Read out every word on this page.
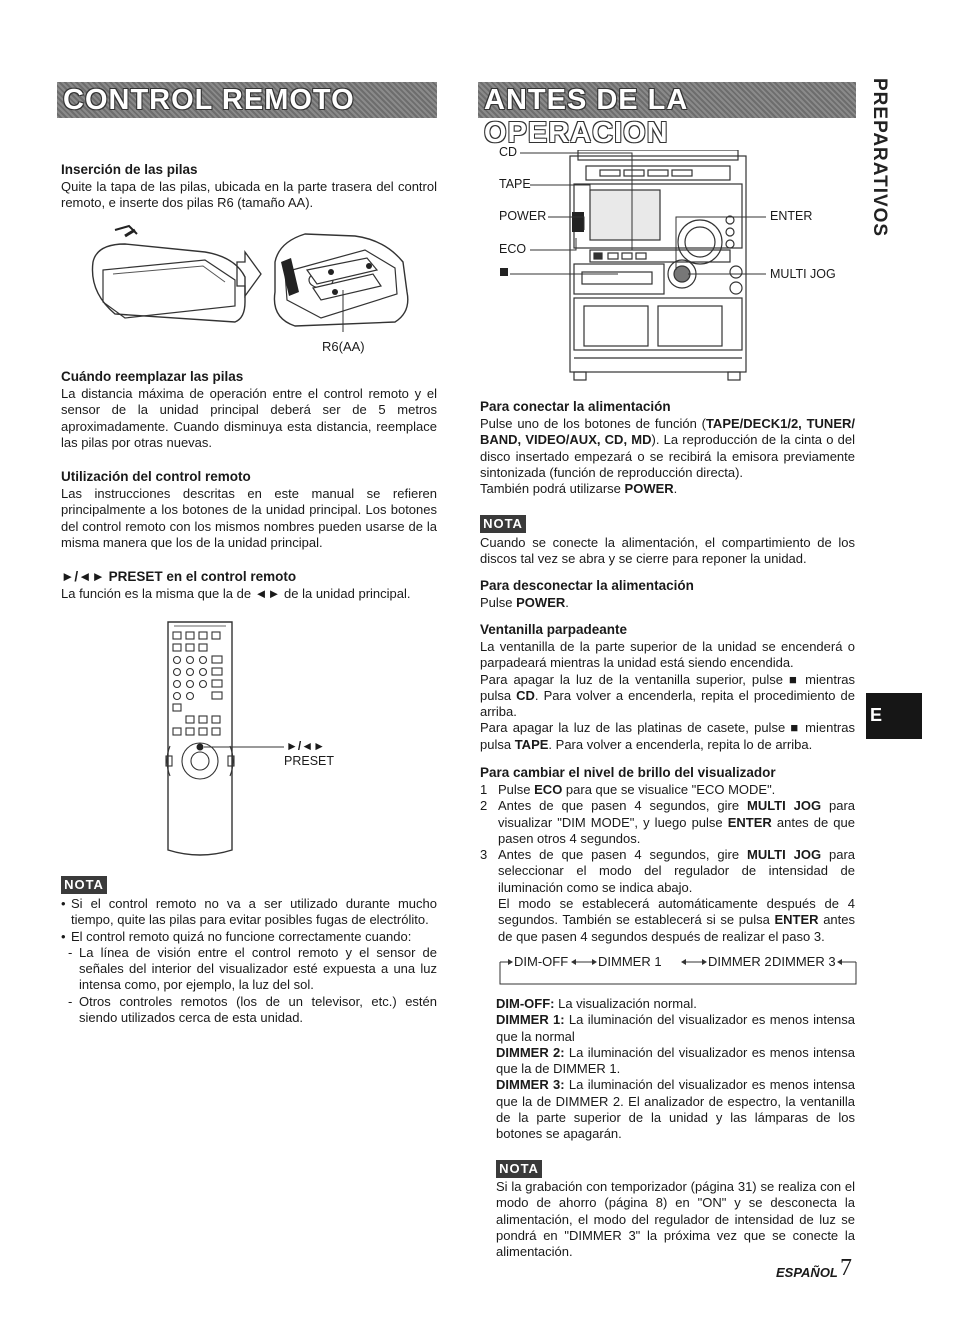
CONTROL REMOTO	ANTES DE LA OPERACION	PREPARATIVOS
E
Inserción de las pilas
Quite la tapa de las pilas, ubicada en la parte trasera del control remoto, e inserte dos pilas R6 (tamaño AA).
R6(AA)
Cuándo reemplazar las pilas
La distancia máxima de operación entre el control remoto y el sensor de la unidad principal deberá ser de 5 metros aproximadamente. Cuando disminuya esta distancia, reemplace las pilas por otras nuevas.
Utilización del control remoto
Las instrucciones descritas en este manual se refieren principalmente a los botones de la unidad principal. Los botones del control remoto con los mismos nombres pueden usarse de la misma manera que los de la unidad principal.
►/◄► PRESET en el control remoto
La función es la misma que la de ◄► de la unidad principal.
►/◄►
PRESET
NOTA
• Si el control remoto no va a ser utilizado durante mucho tiempo, quite las pilas para evitar posibles fugas de electrólito.
• El control remoto quizá no funcione correctamente cuando:
- La línea de visión entre el control remoto y el sensor de señales del interior del visualizador esté expuesta a una luz intensa como, por ejemplo, la luz del sol.
- Otros controles remotos (los de un televisor, etc.) estén siendo utilizados cerca de esta unidad.
CD
TAPE
POWER
ECO
ENTER
MULTI JOG
Para conectar la alimentación
Pulse uno de los botones de función (TAPE/DECK1/2, TUNER/ BAND, VIDEO/AUX, CD, MD). La reproducción de la cinta o del disco insertado empezará o se recibirá la emisora previamente sintonizada (función de reproducción directa).
También podrá utilizarse POWER.
NOTA
Cuando se conecte la alimentación, el compartimiento de los discos tal vez se abra y se cierre para reponer la unidad.
Para desconectar la alimentación
Pulse POWER.
Ventanilla parpadeante
La ventanilla de la parte superior de la unidad se encenderá o parpadeará mientras la unidad está siendo encendida.
Para apagar la luz de la ventanilla superior, pulse ■ mientras pulsa CD. Para volver a encenderla, repita el procedimiento de arriba.
Para apagar la luz de las platinas de casete, pulse ■ mientras pulsa TAPE. Para volver a encenderla, repita lo de arriba.
Para cambiar el nivel de brillo del visualizador
1 Pulse ECO para que se visualice "ECO MODE".
2 Antes de que pasen 4 segundos, gire MULTI JOG para visualizar "DIM MODE", y luego pulse ENTER antes de que pasen otros 4 segundos.
3 Antes de que pasen 4 segundos, gire MULTI JOG para seleccionar el modo del regulador de intensidad de iluminación como se indica abajo.
El modo se establecerá automáticamente después de 4 segundos. También se establecerá si se pulsa ENTER antes de que pasen 4 segundos después de realizar el paso 3.
DIM-OFF DIMMER 1	DIMMER 2 DIMMER 3
DIM-OFF: La visualización normal.
DIMMER 1: La iluminación del visualizador es menos intensa que la normal
DIMMER 2: La iluminación del visualizador es menos intensa que la de DIMMER 1.
DIMMER 3: La iluminación del visualizador es menos intensa que la de DIMMER 2. El analizador de espectro, la ventanilla de la parte superior de la unidad y las lámparas de los botones se apagarán.
NOTA
Si la grabación con temporizador (página 31) se realiza con el modo de ahorro (página 8) en "ON" y se desconecta la alimentación, el modo del regulador de intensidad de luz se pondrá en "DIMMER 3" la próxima vez que se conecte la alimentación.
ESPAÑOL 7
